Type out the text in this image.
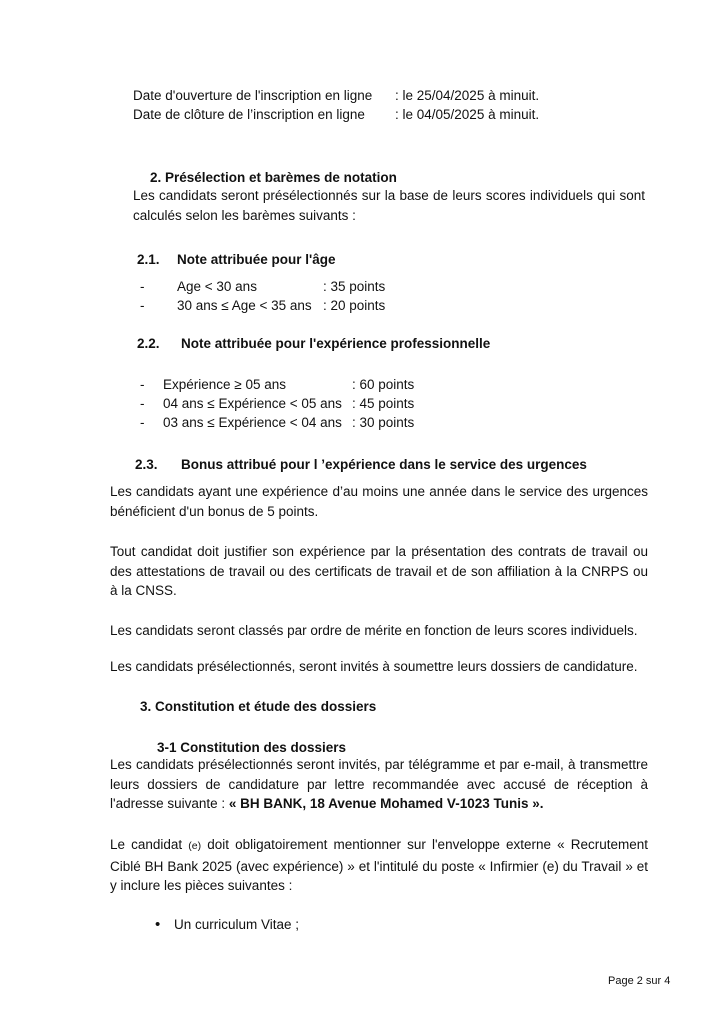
Date d'ouverture de l'inscription en ligne : le 25/04/2025 à minuit.
Date de clôture de l’inscription en ligne : le 04/05/2025 à minuit.
2. Présélection et barèmes de notation
Les candidats seront présélectionnés sur la base de leurs scores individuels qui sont calculés selon les barèmes suivants :
2.1. Note attribuée pour l'âge
- Age < 30 ans	: 35 points
- 30 ans ≤ Age < 35 ans : 20 points
2.2. Note attribuée pour l'expérience professionnelle
- Expérience ≥ 05 ans	: 60 points
- 04 ans ≤ Expérience < 05 ans : 45 points
- 03 ans ≤ Expérience < 04 ans : 30 points
2.3. Bonus attribué pour l ’expérience dans le service des urgences
Les candidats ayant une expérience d’au moins une année dans le service des urgences bénéficient d'un bonus de 5 points.
Tout candidat doit justifier son expérience par la présentation des contrats de travail ou des attestations de travail ou des certificats de travail et de son affiliation à la CNRPS ou à la CNSS.
Les candidats seront classés par ordre de mérite en fonction de leurs scores individuels.
Les candidats présélectionnés, seront invités à soumettre leurs dossiers de candidature.
3. Constitution et étude des dossiers
3-1 Constitution des dossiers
Les candidats présélectionnés seront invités, par télégramme et par e-mail, à transmettre leurs dossiers de candidature par lettre recommandée avec accusé de réception à l'adresse suivante : « BH BANK, 18 Avenue Mohamed V-1023 Tunis ».
Le candidat (e) doit obligatoirement mentionner sur l'enveloppe externe « Recrutement Ciblé BH Bank 2025 (avec expérience) » et l'intitulé du poste « Infirmier (e) du Travail » et y inclure les pièces suivantes :
• Un curriculum Vitae ;
Page 2 sur 4
